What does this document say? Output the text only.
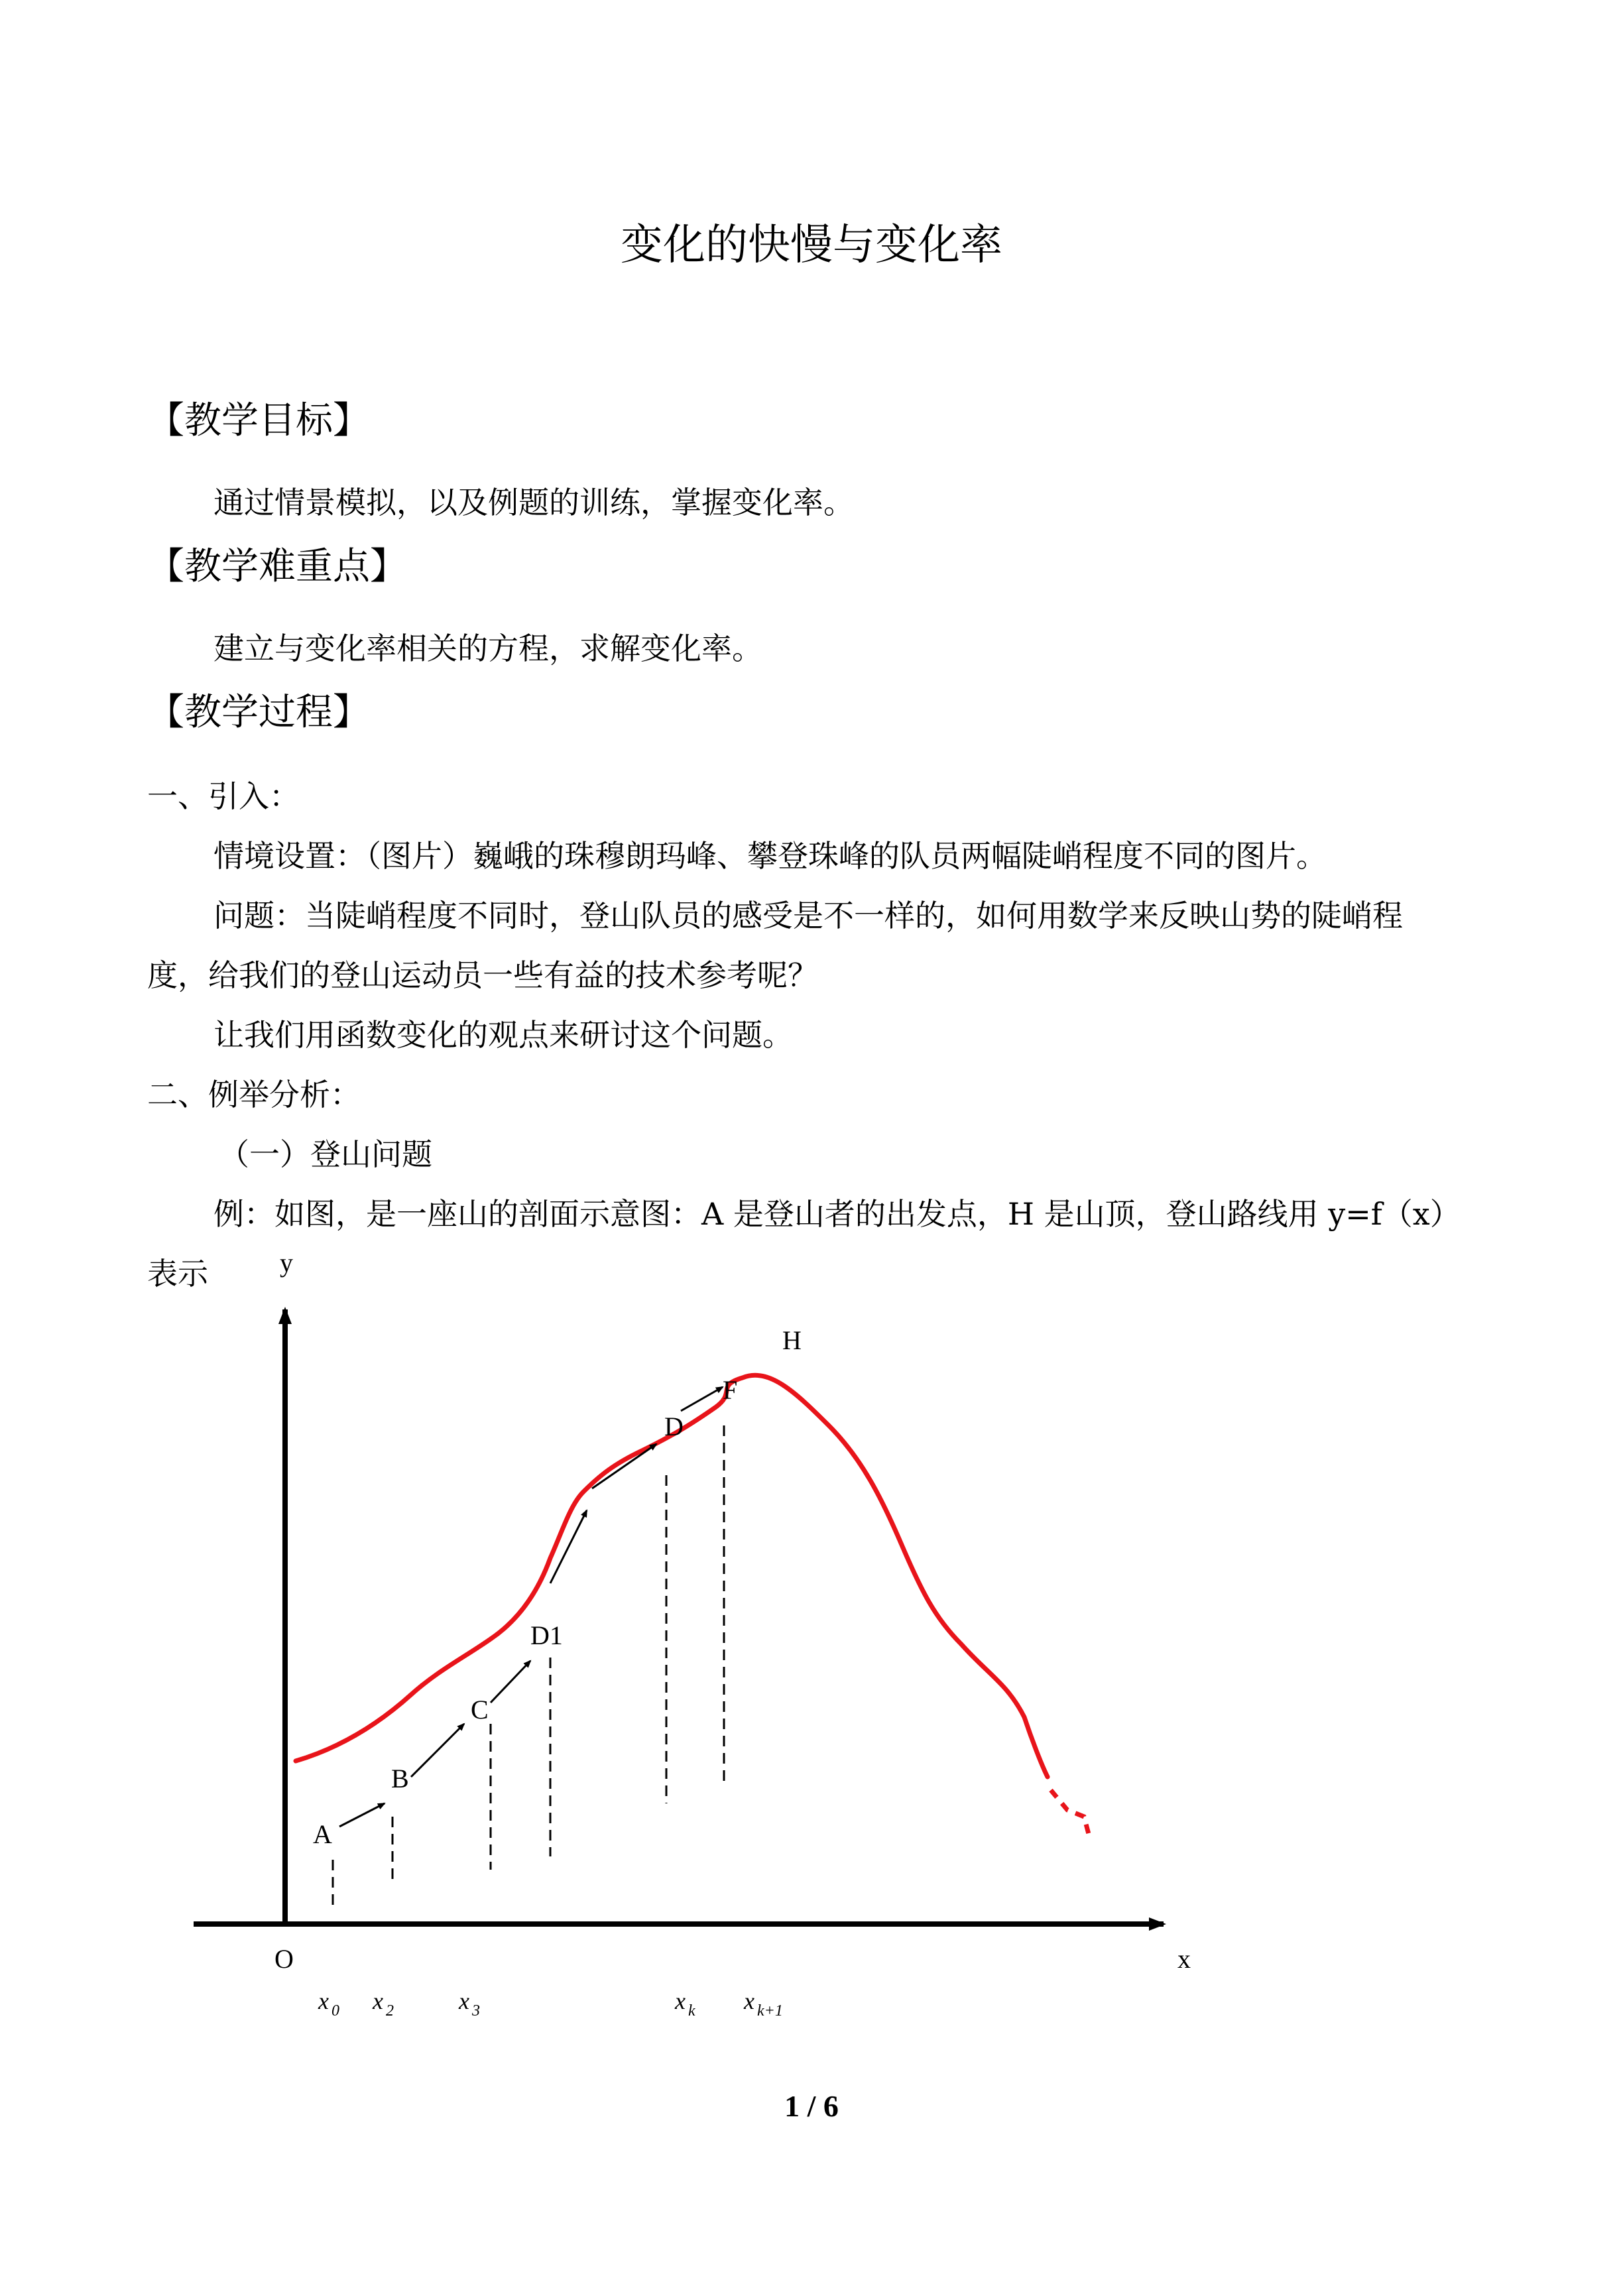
变化的快慢与变化率
【教学目标】
通过情景模拟，以及例题的训练，掌握变化率。
【教学难重点】
建立与变化率相关的方程，求解变化率。
【教学过程】
一、引入：
情境设置：（图片）巍峨的珠穆朗玛峰、攀登珠峰的队员两幅陡峭程度不同的图片。
问题：当陡峭程度不同时，登山队员的感受是不一样的，如何用数学来反映山势的陡峭程
度，给我们的登山运动员一些有益的技术参考呢？
让我们用函数变化的观点来研讨这个问题。
二、例举分析：
（一）登山问题
例：如图，是一座山的剖面示意图：A 是登山者的出发点，H 是山顶，登山路线用 y=f（x）
表示	y
x
O
A
B
C
D1
D
F
H
x 0 x 2	x 3	x k x k+1
1 / 6
